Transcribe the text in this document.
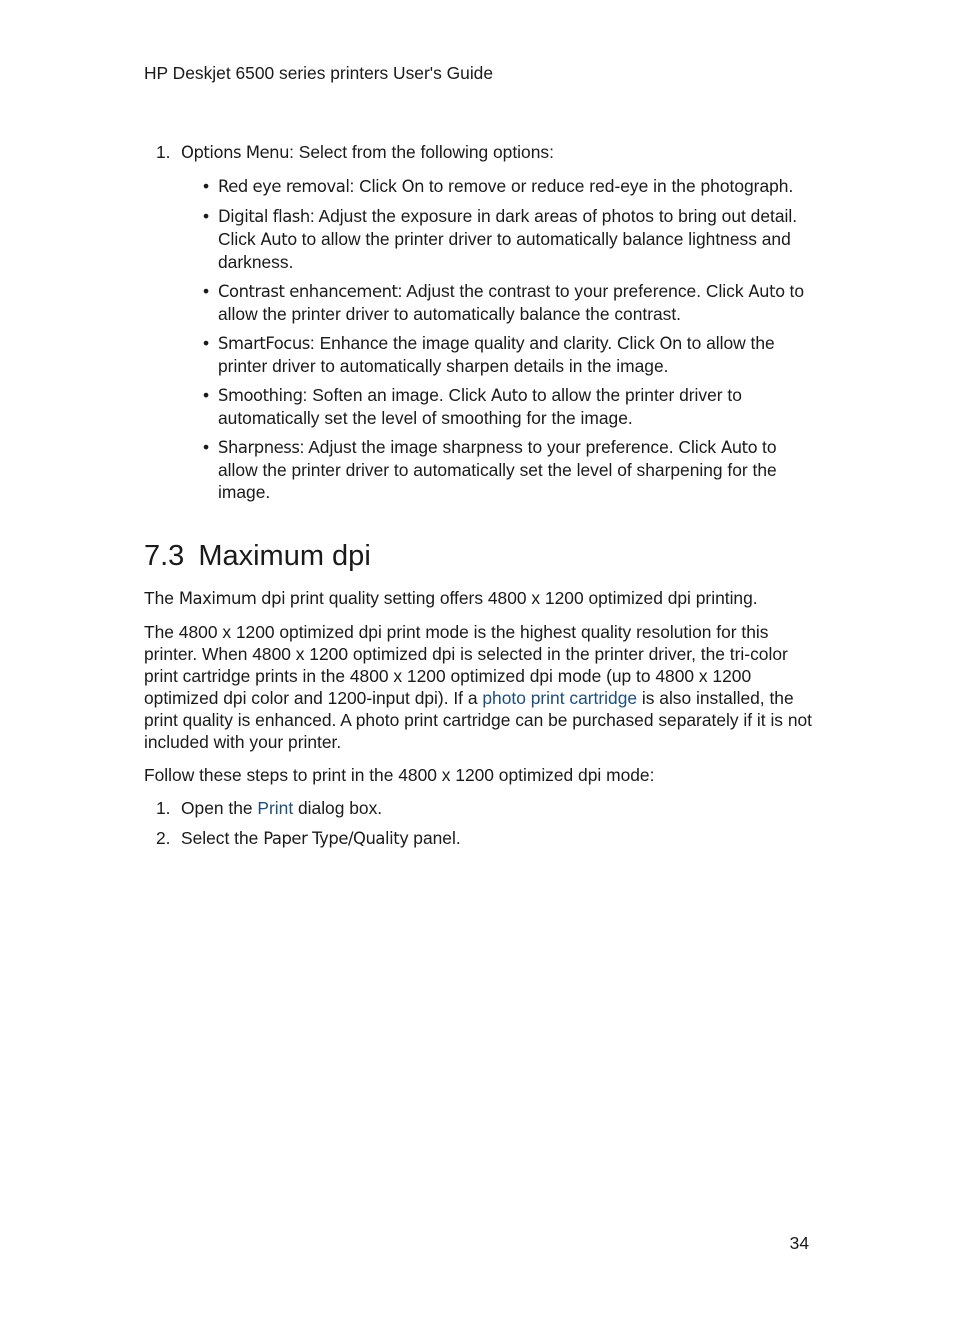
HP Deskjet 6500 series printers User's Guide
1. Options Menu: Select from the following options:
• Red eye removal: Click On to remove or reduce red-eye in the photograph.
• Digital flash: Adjust the exposure in dark areas of photos to bring out detail. Click Auto to allow the printer driver to automatically balance lightness and darkness.
• Contrast enhancement: Adjust the contrast to your preference. Click Auto to allow the printer driver to automatically balance the contrast.
• SmartFocus: Enhance the image quality and clarity. Click On to allow the printer driver to automatically sharpen details in the image.
• Smoothing: Soften an image. Click Auto to allow the printer driver to automatically set the level of smoothing for the image.
• Sharpness: Adjust the image sharpness to your preference. Click Auto to allow the printer driver to automatically set the level of sharpening for the image.
7.3 Maximum dpi

The Maximum dpi print quality setting offers 4800 x 1200 optimized dpi printing.

The 4800 x 1200 optimized dpi print mode is the highest quality resolution for this printer. When 4800 x 1200 optimized dpi is selected in the printer driver, the tri-color print cartridge prints in the 4800 x 1200 optimized dpi mode (up to 4800 x 1200 optimized dpi color and 1200-input dpi). If a photo print cartridge is also installed, the print quality is enhanced. A photo print cartridge can be purchased separately if it is not included with your printer.

Follow these steps to print in the 4800 x 1200 optimized dpi mode:

1. Open the Print dialog box.
2. Select the Paper Type/Quality panel.
34
